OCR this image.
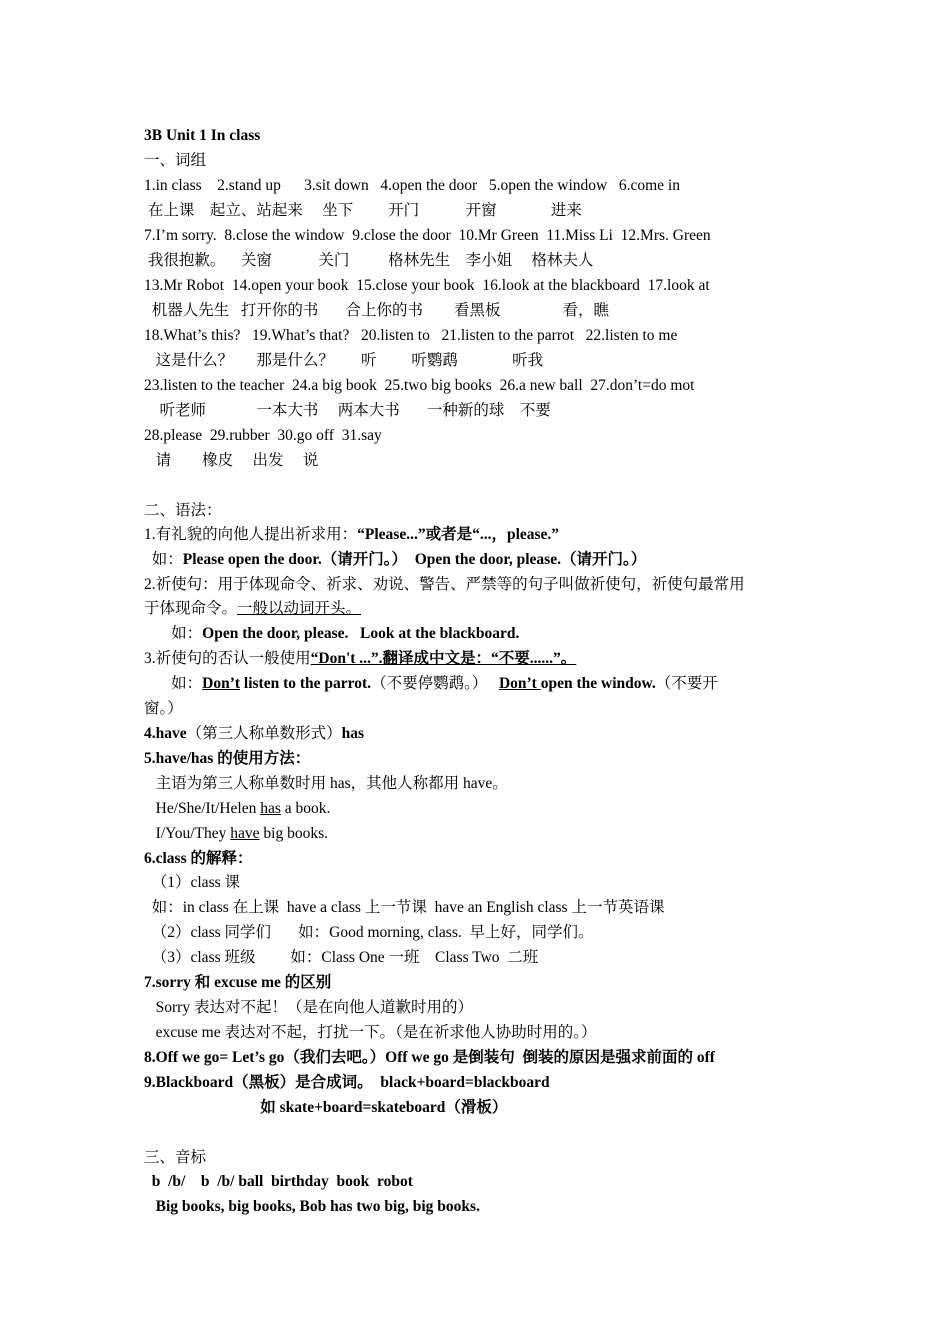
3B Unit 1 In class
一、词组
1.in class    2.stand up      3.sit down   4.open the door   5.open the window   6.come in
在上课    起立、站起来     坐下         开门            开窗              进来
7.I’m sorry.  8.close the window  9.close the door  10.Mr Green  11.Miss Li  12.Mrs. Green
我很抱歉。    关窗            关门          格林先生    李小姐     格林夫人
13.Mr Robot  14.open your book  15.close your book  16.look at the blackboard  17.look at
机器人先生   打开你的书       合上你的书        看黑板                看，瞧
18.What’s this?   19.What’s that?   20.listen to   21.listen to the parrot   22.listen to me
这是什么？      那是什么？       听         听鹦鹉              听我
23.listen to the teacher  24.a big book  25.two big books  26.a new ball  27.don’t=do mot
听老师             一本大书     两本大书       一种新的球    不要
28.please  29.rubber  30.go off  31.say
请        橡皮     出发     说
二、语法：
1.有礼貌的向他人提出祈求用：“Please...”或者是“...，please.”
如：Please open the door.（请开门。）  Open the door, please.（请开门。）
2.祈使句：用于体现命令、祈求、劝说、警告、严禁等的句子叫做祈使句，祈使句最常用
于体现命令。一般以动词开头。
如：Open the door, please.   Look at the blackboard.
3.祈使句的否认一般使用“Don't ...”.翻译成中文是：“不要......”。
如：Don’t listen to the parrot.（不要停鹦鹉。）   Don’t open the window.（不要开
窗。）
4.have（第三人称单数形式）has
5.have/has 的使用方法：
主语为第三人称单数时用 has，其他人称都用 have。
He/She/It/Helen has a book.
I/You/They have big books.
6.class 的解释：
（1）class 课
如：in class 在上课  have a class 上一节课  have an English class 上一节英语课
（2）class 同学们       如：Good morning, class.  早上好，同学们。
（3）class 班级         如：Class One 一班    Class Two  二班
7.sorry 和 excuse me 的区别
Sorry 表达对不起！（是在向他人道歉时用的）
excuse me 表达对不起，打扰一下。（是在祈求他人协助时用的。）
8.Off we go= Let’s go（我们去吧。）Off we go 是倒装句  倒装的原因是强求前面的 off
9.Blackboard（黑板）是合成词。  black+board=blackboard
如 skate+board=skateboard（滑板）
三、音标
b  /b/    b  /b/ ball  birthday  book  robot
Big books, big books, Bob has two big, big books.
